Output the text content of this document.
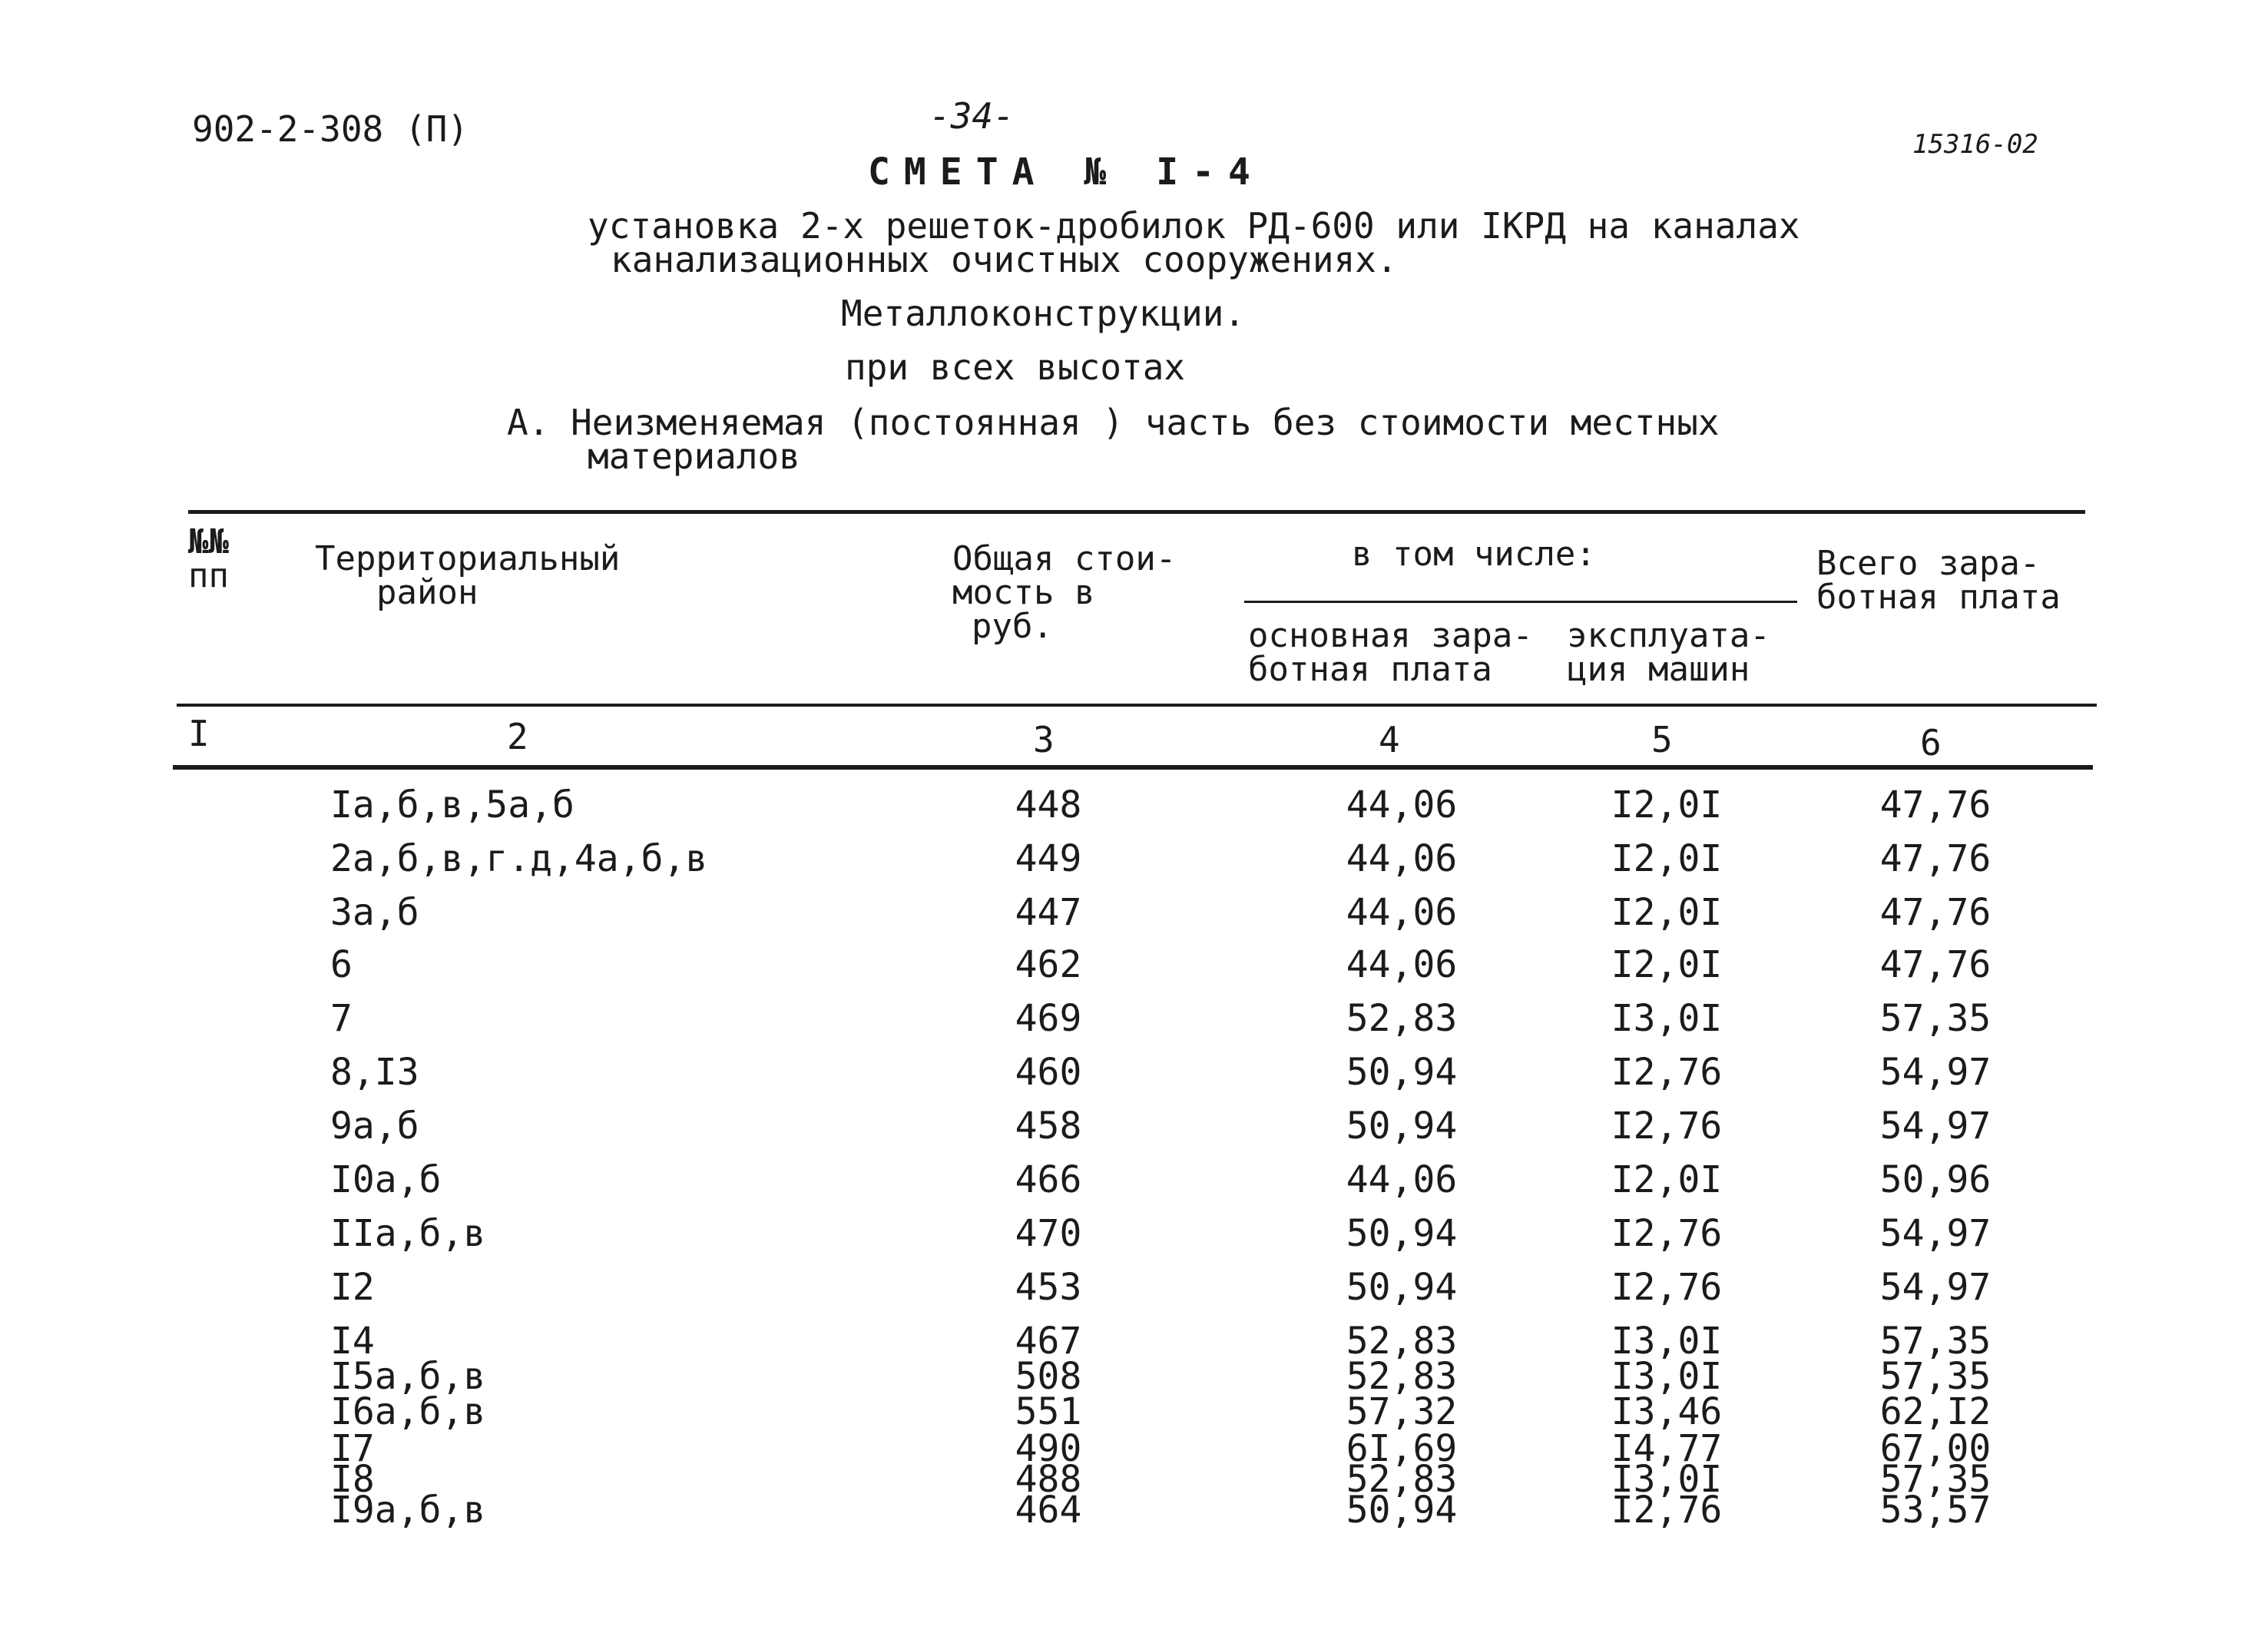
902-2-308 (П)	-34-
15316-02
СМЕТА № I-4
установка 2-х решеток-дробилок РД-600 или IКРД на каналах
канализационных очистных сооружениях.
Металлоконструкции.
при всех высотах
А. Неизменяемая (постоянная ) часть без стоимости местных
материалов
№№
пп	Территориальный
район
Общая стои-
мость в
руб.
в том числе:
основная зара-
ботная плата
эксплуата-
ция машин
Всего зара-
ботная плата
I	2	3	4	5	6
Iа,б,в,5а,б	448	44,06	I2,0I	47,76
2а,б,в,г.д,4а,б,в	449	44,06	I2,0I	47,76
3а,б	447	44,06	I2,0I	47,76
6	462	44,06	I2,0I	47,76
7	469	52,83	I3,0I	57,35
8,I3	460	50,94	I2,76	54,97
9а,б	458	50,94	I2,76	54,97
I0а,б	466	44,06	I2,0I	50,96
IIа,б,в	470	50,94	I2,76	54,97
I2	453	50,94	I2,76	54,97
I4	467	52,83	I3,0I	57,35
I5а,б,в	508	52,83	I3,0I	57,35
I6а,б,в	551	57,32	I3,46	62,I2
I7	490	6I,69	I4,77	67,00
I8	488	52,83	I3,0I	57,35
I9а,б,в	464	50,94	I2,76	53,57
